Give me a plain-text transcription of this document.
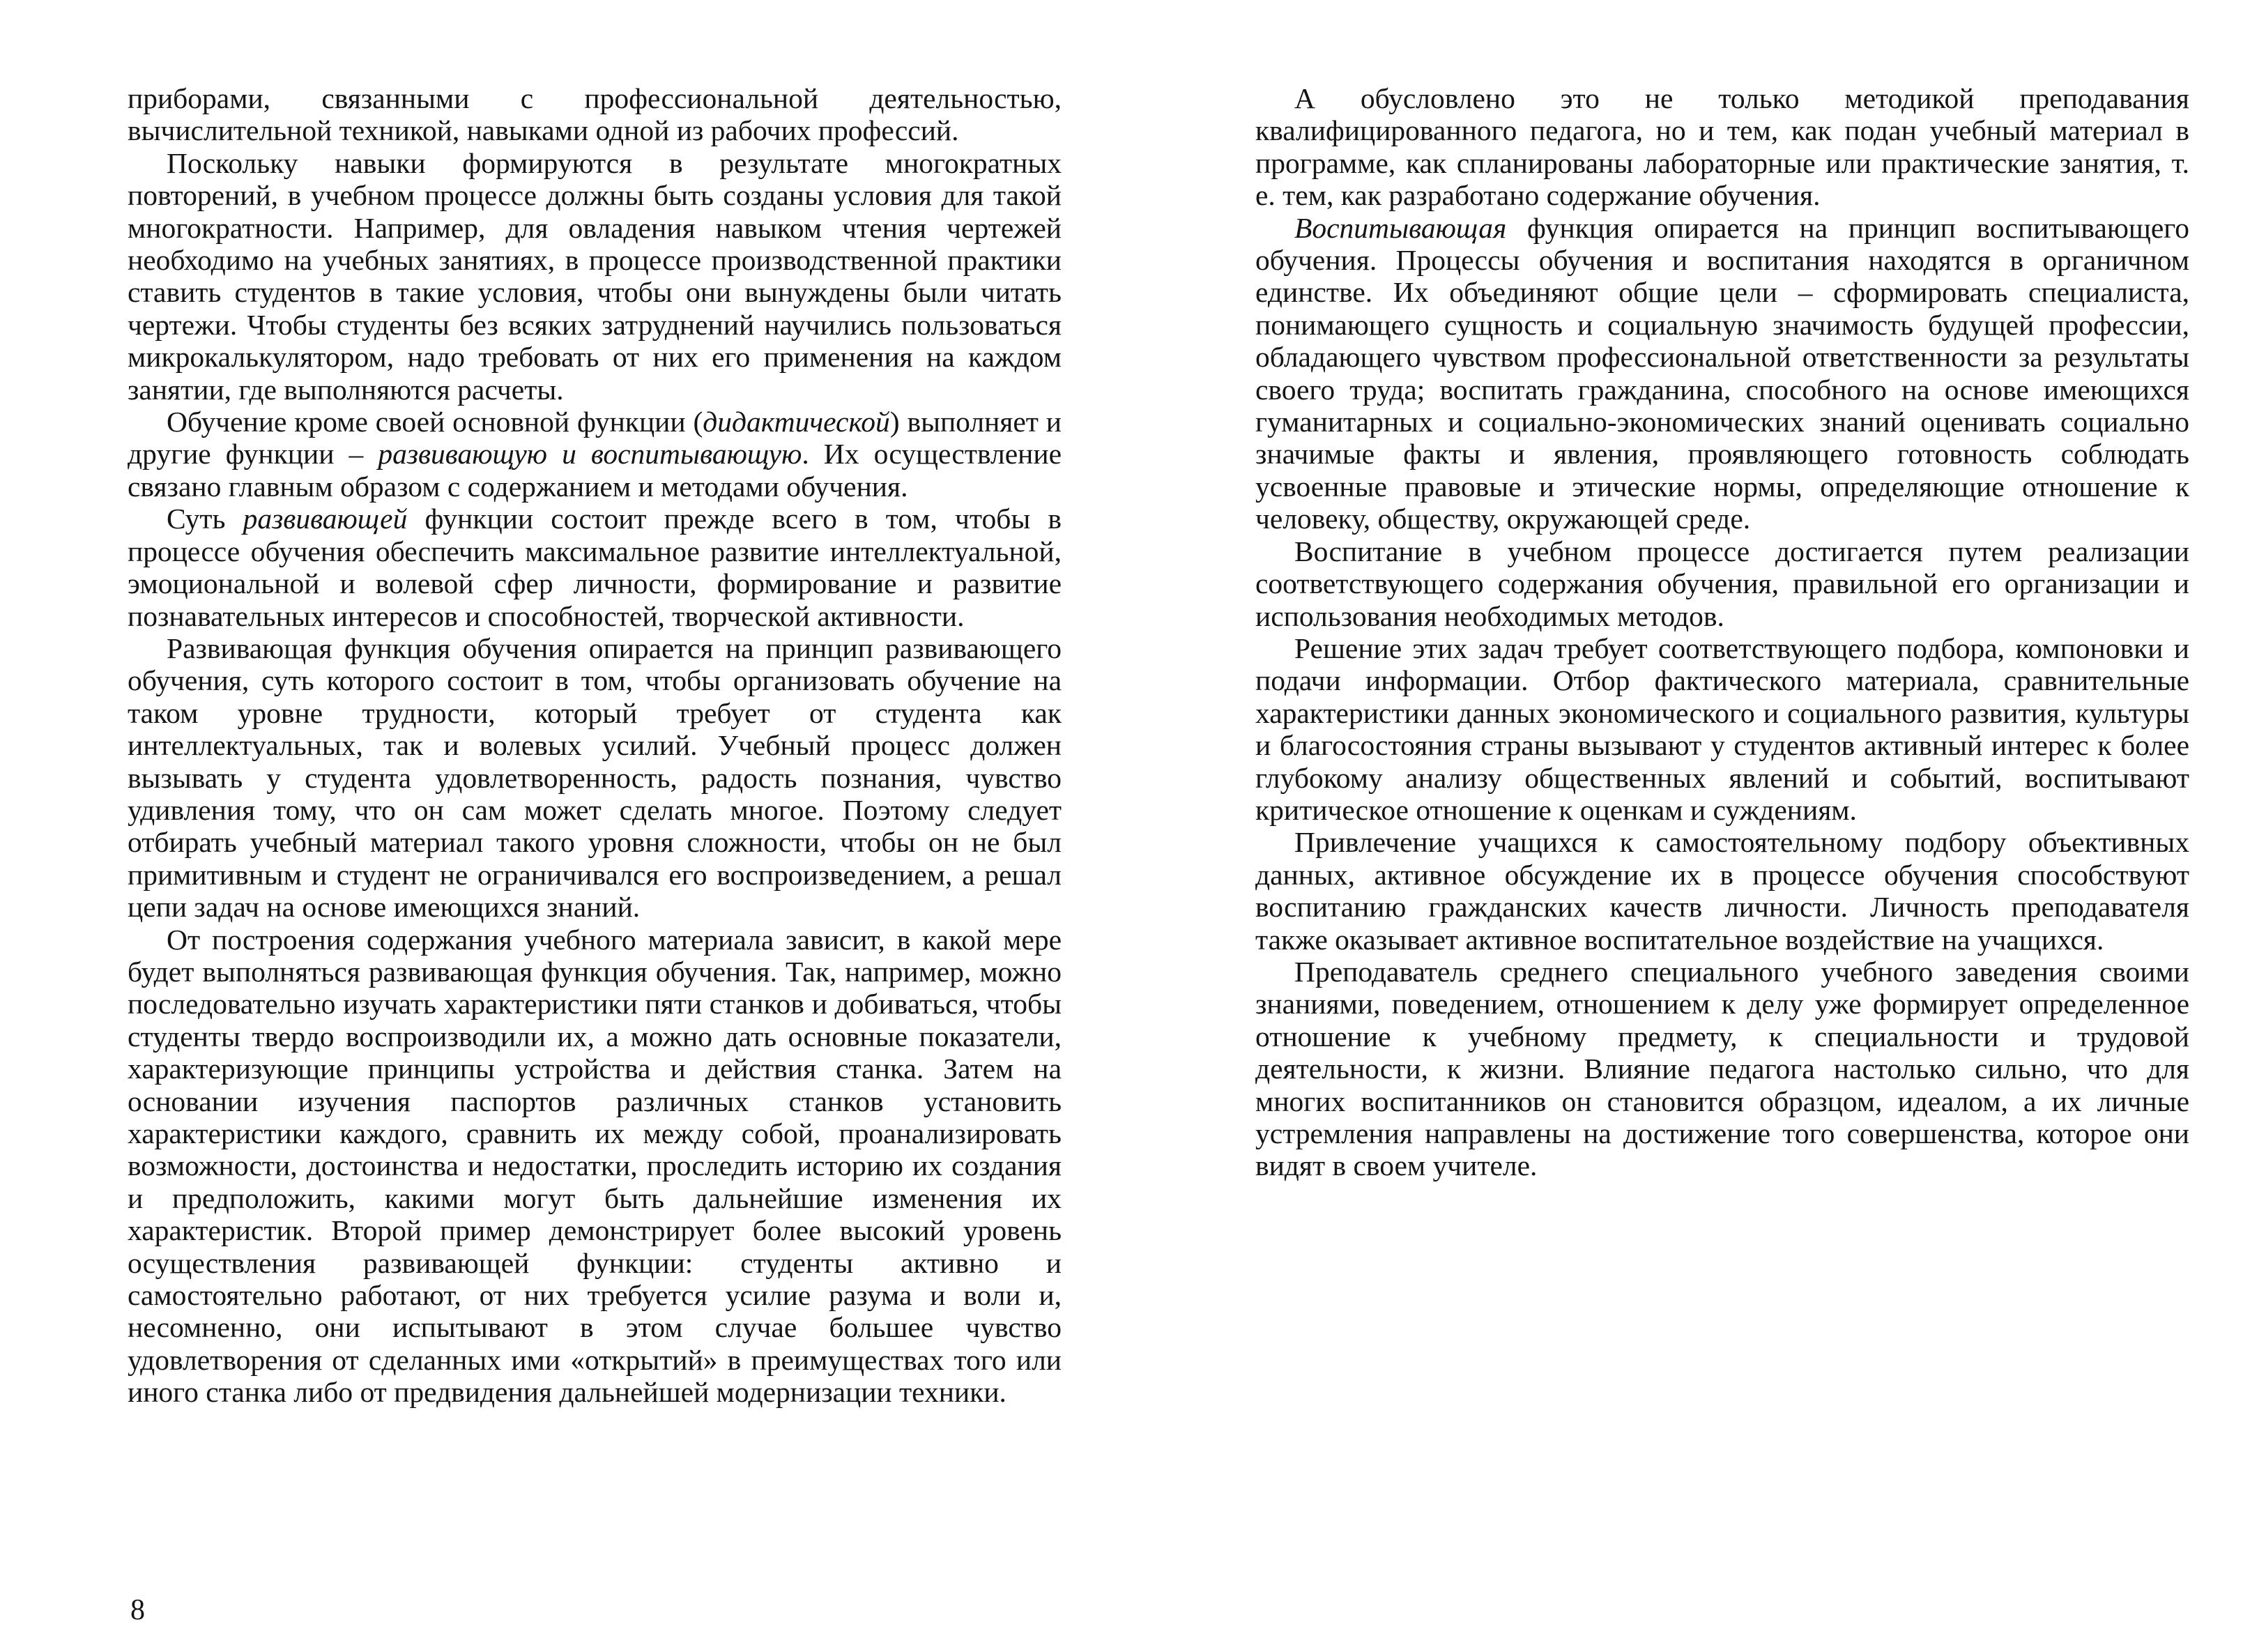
приборами, связанными с профессиональной деятельностью, вычислительной техникой, навыками одной из рабочих профессий.

Поскольку навыки формируются в результате многократных повторений, в учебном процессе должны быть созданы условия для такой многократности. Например, для овладения навыком чтения чертежей необходимо на учебных занятиях, в процессе производственной практики ставить студентов в такие условия, чтобы они вынуждены были читать чертежи. Чтобы студенты без всяких затруднений научились пользоваться микрокалькулятором, надо требовать от них его применения на каждом занятии, где выполняются расчеты.

Обучение кроме своей основной функции (дидактической) выполняет и другие функции – развивающую и воспитывающую. Их осуществление связано главным образом с содержанием и методами обучения.

Суть развивающей функции состоит прежде всего в том, чтобы в процессе обучения обеспечить максимальное развитие интеллектуальной, эмоциональной и волевой сфер личности, формирование и развитие познавательных интересов и способностей, творческой активности.

Развивающая функция обучения опирается на принцип развивающего обучения, суть которого состоит в том, чтобы организовать обучение на таком уровне трудности, который требует от студента как интеллектуальных, так и волевых усилий. Учебный процесс должен вызывать у студента удовлетворенность, радость познания, чувство удивления тому, что он сам может сделать многое. Поэтому следует отбирать учебный материал такого уровня сложности, чтобы он не был примитивным и студент не ограничивался его воспроизведением, а решал цепи задач на основе имеющихся знаний.

От построения содержания учебного материала зависит, в какой мере будет выполняться развивающая функция обучения. Так, например, можно последовательно изучать характеристики пяти станков и добиваться, чтобы студенты твердо воспроизводили их, а можно дать основные показатели, характеризующие принципы устройства и действия станка. Затем на основании изучения паспортов различных станков установить характеристики каждого, сравнить их между собой, проанализировать возможности, достоинства и недостатки, проследить историю их создания и предположить, какими могут быть дальнейшие изменения их характеристик. Второй пример демонстрирует более высокий уровень осуществления развивающей функции: студенты активно и самостоятельно работают, от них требуется усилие разума и воли и, несомненно, они испытывают в этом случае большее чувство удовлетворения от сделанных ими «открытий» в преимуществах того или иного станка либо от предвидения дальнейшей модернизации техники.

8

А обусловлено это не только методикой преподавания квалифицированного педагога, но и тем, как подан учебный материал в программе, как спланированы лабораторные или практические занятия, т. е. тем, как разработано содержание обучения.

Воспитывающая функция опирается на принцип воспитывающего обучения. Процессы обучения и воспитания находятся в органичном единстве. Их объединяют общие цели – сформировать специалиста, понимающего сущность и социальную значимость будущей профессии, обладающего чувством профессиональной ответственности за результаты своего труда; воспитать гражданина, способного на основе имеющихся гуманитарных и социально-экономических знаний оценивать социально значимые факты и явления, проявляющего готовность соблюдать усвоенные правовые и этические нормы, определяющие отношение к человеку, обществу, окружающей среде.

Воспитание в учебном процессе достигается путем реализации соответствующего содержания обучения, правильной его организации и использования необходимых методов.

Решение этих задач требует соответствующего подбора, компоновки и подачи информации. Отбор фактического материала, сравнительные характеристики данных экономического и социального развития, культуры и благосостояния страны вызывают у студентов активный интерес к более глубокому анализу общественных явлений и событий, воспитывают критическое отношение к оценкам и суждениям.

Привлечение учащихся к самостоятельному подбору объективных данных, активное обсуждение их в процессе обучения способствуют воспитанию гражданских качеств личности. Личность преподавателя также оказывает активное воспитательное воздействие на учащихся.

Преподаватель среднего специального учебного заведения своими знаниями, поведением, отношением к делу уже формирует определенное отношение к учебному предмету, к специальности и трудовой деятельности, к жизни. Влияние педагога настолько сильно, что для многих воспитанников он становится образцом, идеалом, а их личные устремления направлены на достижение того совершенства, которое они видят в своем учителе.
